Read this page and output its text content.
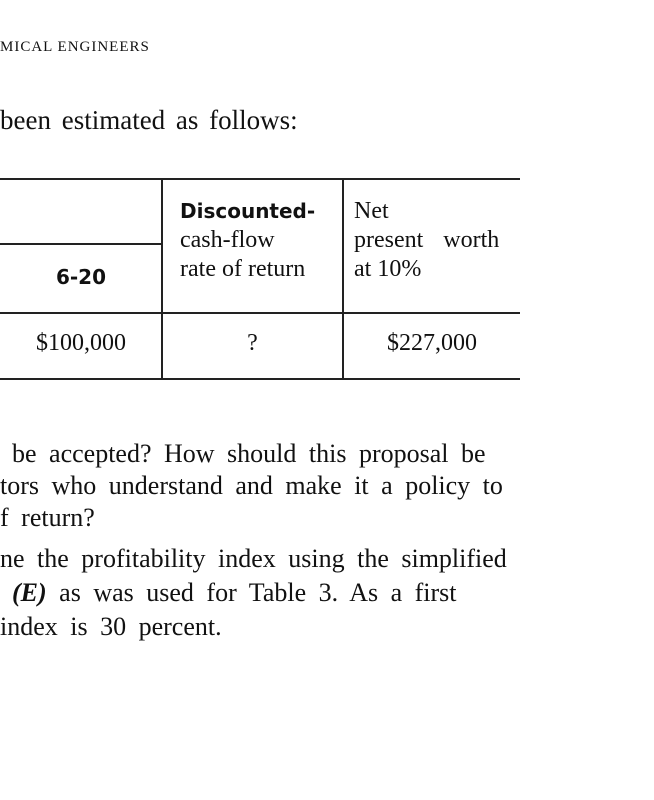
MICAL ENGINEERS
been estimated as follows:
6-20
Discounted-
cash-flow
rate of return
Net
present worth
at 10%
$100,000	?	$227,000
be accepted? How should this proposal be
tors who understand and make it a policy to
f return?
ne the profitability index using the simplified
(E) as was used for Table 3. As a first
index is 30 percent.
